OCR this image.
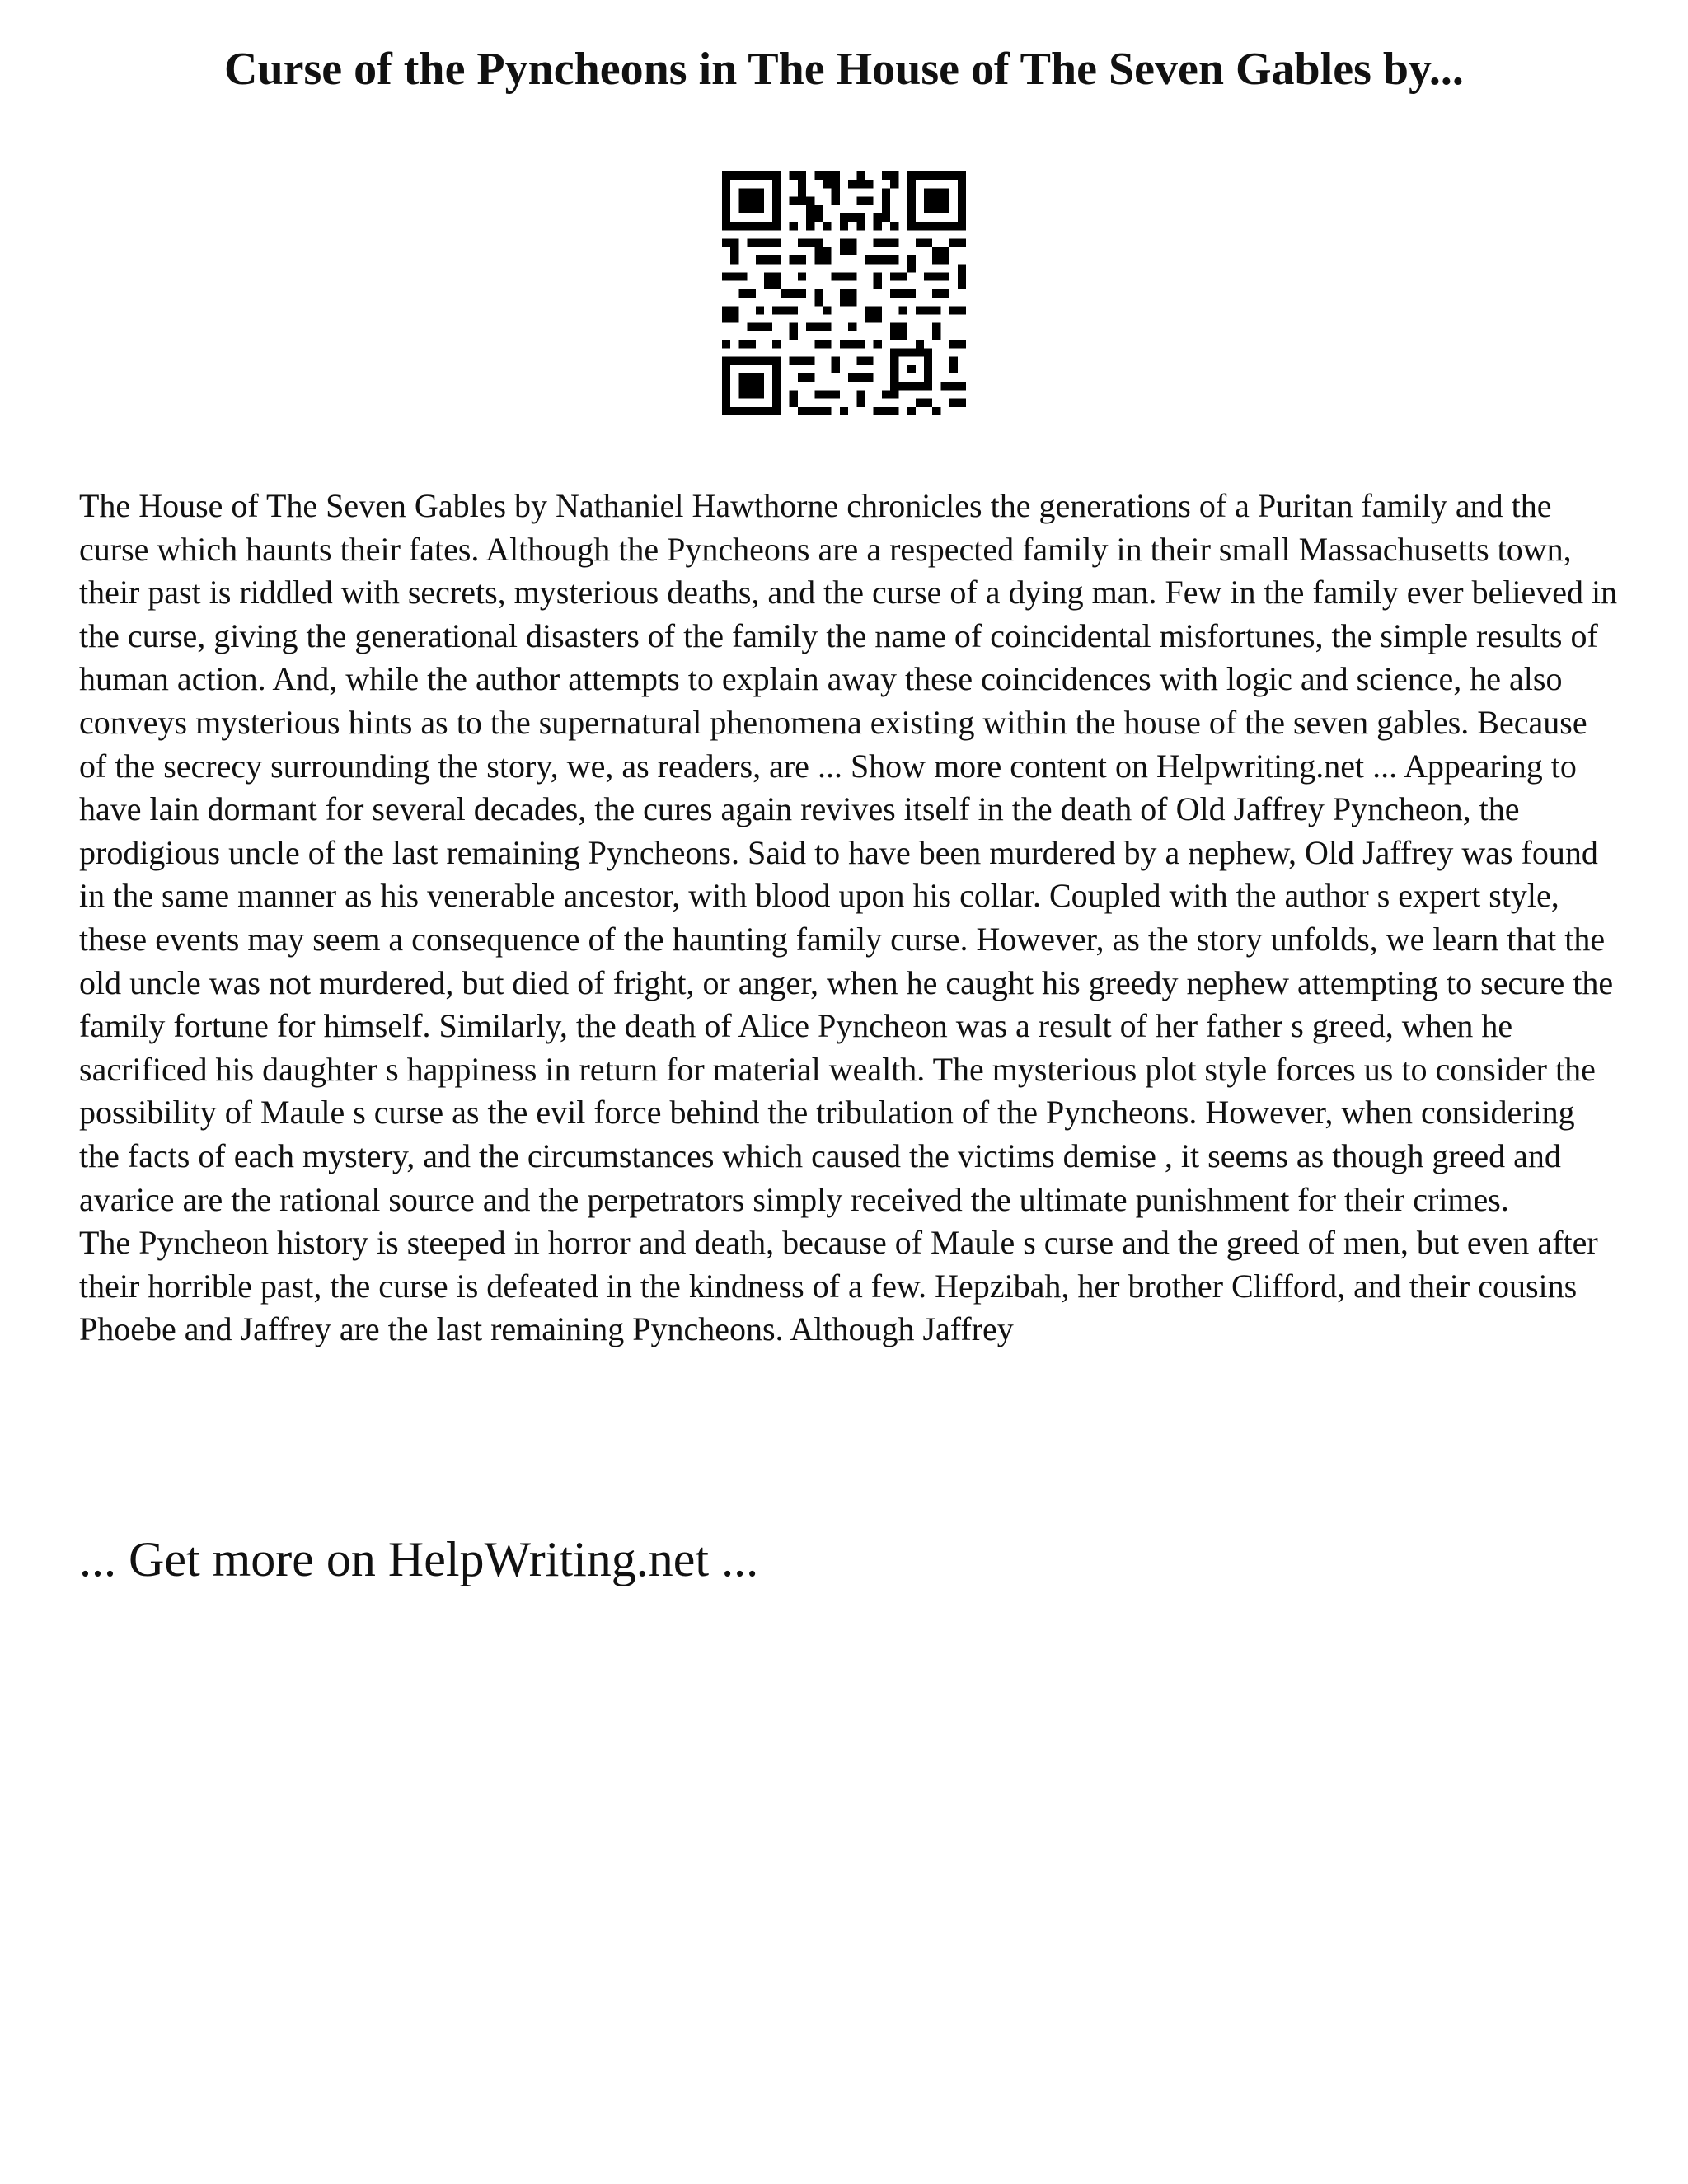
Curse of the Pyncheons in The House of The Seven Gables by...

The House of The Seven Gables by Nathaniel Hawthorne chronicles the generations of a Puritan family and the curse which haunts their fates. Although the Pyncheons are a respected family in their small Massachusetts town, their past is riddled with secrets, mysterious deaths, and the curse of a dying man. Few in the family ever believed in the curse, giving the generational disasters of the family the name of coincidental misfortunes, the simple results of human action. And, while the author attempts to explain away these coincidences with logic and science, he also conveys mysterious hints as to the supernatural phenomena existing within the house of the seven gables. Because of the secrecy surrounding the story, we, as readers, are ... Show more content on Helpwriting.net ... Appearing to have lain dormant for several decades, the cures again revives itself in the death of Old Jaffrey Pyncheon, the prodigious uncle of the last remaining Pyncheons. Said to have been murdered by a nephew, Old Jaffrey was found in the same manner as his venerable ancestor, with blood upon his collar. Coupled with the author s expert style, these events may seem a consequence of the haunting family curse. However, as the story unfolds, we learn that the old uncle was not murdered, but died of fright, or anger, when he caught his greedy nephew attempting to secure the family fortune for himself. Similarly, the death of Alice Pyncheon was a result of her father s greed, when he sacrificed his daughter s happiness in return for material wealth. The mysterious plot style forces us to consider the possibility of Maule s curse as the evil force behind the tribulation of the Pyncheons. However, when considering the facts of each mystery, and the circumstances which caused the victims demise , it seems as though greed and avarice are the rational source and the perpetrators simply received the ultimate punishment for their crimes.

The Pyncheon history is steeped in horror and death, because of Maule s curse and the greed of men, but even after their horrible past, the curse is defeated in the kindness of a few. Hepzibah, her brother Clifford, and their cousins Phoebe and Jaffrey are the last remaining Pyncheons. Although Jaffrey

... Get more on HelpWriting.net ...
